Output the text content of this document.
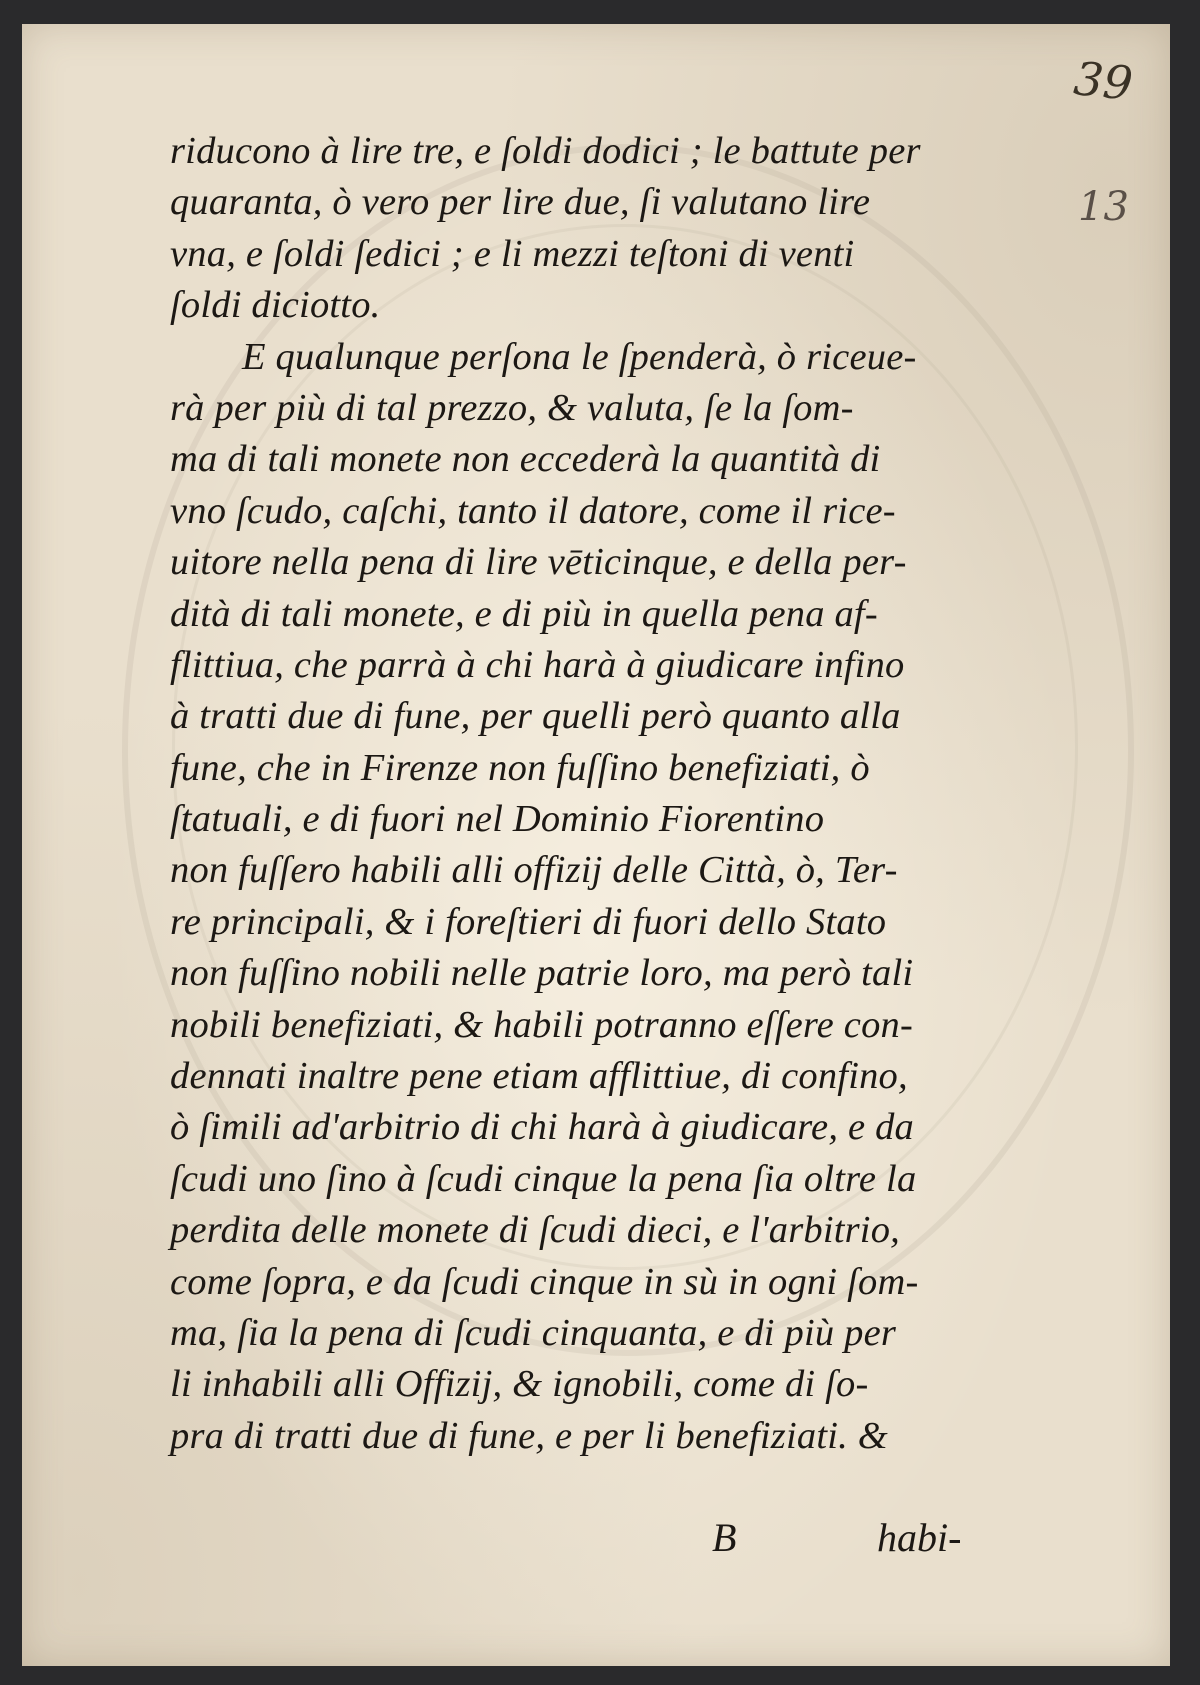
39
13
riducono à lire tre, e ſoldi dodici ; le battute per
quaranta, ò vero per lire due, ſi valutano lire
vna, e ſoldi ſedici ; e li mezzi teſtoni di venti
ſoldi diciotto.
E qualunque perſona le ſpenderà, ò riceue-
rà per più di tal prezzo, & valuta, ſe la ſom-
ma di tali monete non eccederà la quantità di
vno ſcudo, caſchi, tanto il datore, come il rice-
uitore nella pena di lire vēticinque, e della per-
dità di tali monete, e di più in quella pena af-
flittiua, che parrà à chi harà à giudicare infino
à tratti due di fune, per quelli però quanto alla
fune, che in Firenze non fuſſino benefiziati, ò
ſtatuali, e di fuori nel Dominio Fiorentino
non fuſſero habili alli offizij delle Città, ò, Ter-
re principali, & i foreſtieri di fuori dello Stato
non fuſſino nobili nelle patrie loro, ma però tali
nobili benefiziati, & habili potranno eſſere con-
dennati inaltre pene etiam afflittiue, di confino,
ò ſimili ad'arbitrio di chi harà à giudicare, e da
ſcudi uno ſino à ſcudi cinque la pena ſia oltre la
perdita delle monete di ſcudi dieci, e l'arbitrio,
come ſopra, e da ſcudi cinque in sù in ogni ſom-
ma, ſia la pena di ſcudi cinquanta, e di più per
li inhabili alli Offizij, & ignobili, come di ſo-
pra di tratti due di fune, e per li benefiziati. &
B	habi-
